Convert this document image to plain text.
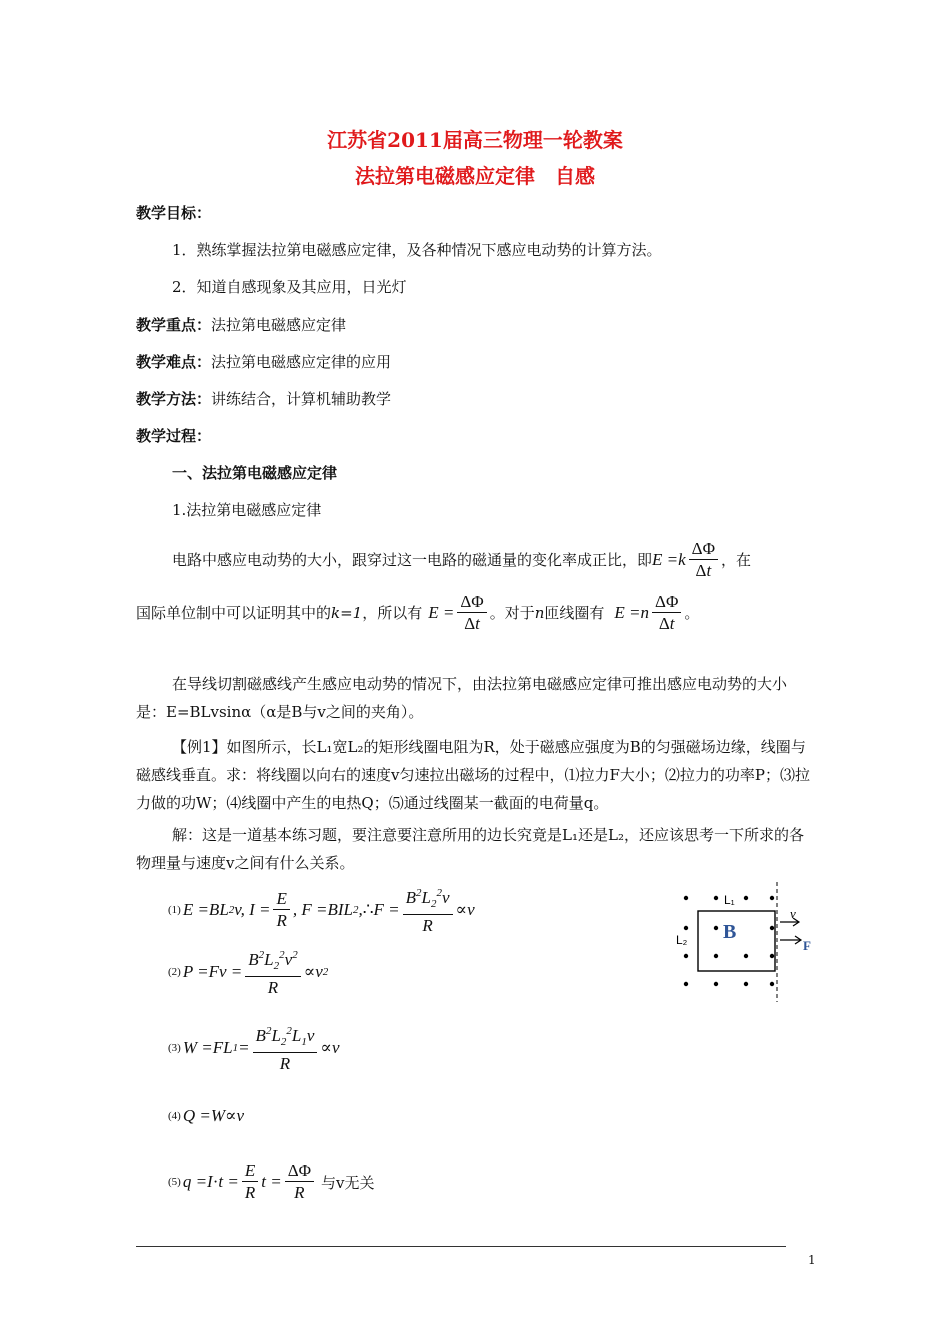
江苏省2011届高三物理一轮教案
法拉第电磁感应定律　自感
教学目标：
1．熟练掌握法拉第电磁感应定律，及各种情况下感应电动势的计算方法。
2．知道自感现象及其应用，日光灯
教学重点：法拉第电磁感应定律
教学难点：法拉第电磁感应定律的应用
教学方法：讲练结合，计算机辅助教学
教学过程：
一、法拉第电磁感应定律
1.法拉第电磁感应定律
电路中感应电动势的大小，跟穿过这一电路的磁通量的变化率成正比，即 $E =k \frac{\Delta\Phi}{\Delta t}$ ，在
国际单位制中可以证明其中的 k=1 ，所以有 $E = \frac{\Delta\Phi}{\Delta t}$ 。对于 n 匝线圈有 $E =n \frac{\Delta\Phi}{\Delta t}$ 。
在导线切割磁感线产生感应电动势的情况下，由法拉第电磁感应定律可推出感应电动势的大小是：E=BLvsinα（α是B与v之间的夹角）。
【例1】如图所示，长L₁宽L₂的矩形线圈电阻为R，处于磁感应强度为B的匀强磁场边缘，线圈与磁感线垂直。求：将线圈以向右的速度v匀速拉出磁场的过程中，⑴拉力F大小；⑵拉力的功率P；⑶拉力做的功W；⑷线圈中产生的电热Q；⑸通过线圈某一截面的电荷量q。
解：这是一道基本练习题，要注意要注意所用的边长究竟是L₁还是L₂，还应该思考一下所求的各物理量与速度v之间有什么关系。
(1) E =BL 2 v, $I = \frac{E}{R}$ , F =BIL 2 , ∴ $F = \frac{B^2L_2^2v}{R} \propto v$
(2) $P =Fv = \frac{B^2L_2^2v^2}{R} \propto v$ 2
(3) W =FL $1 = \frac{B^2L_2^2L_1v}{R} \propto v$
(4) Q =W ∝ v
(5) $q =I \cdot t = \frac{E}{R}$ $t = \frac{\Delta\Phi}{R}$ 与v无关
L₁
L₂ B
v
F
1
